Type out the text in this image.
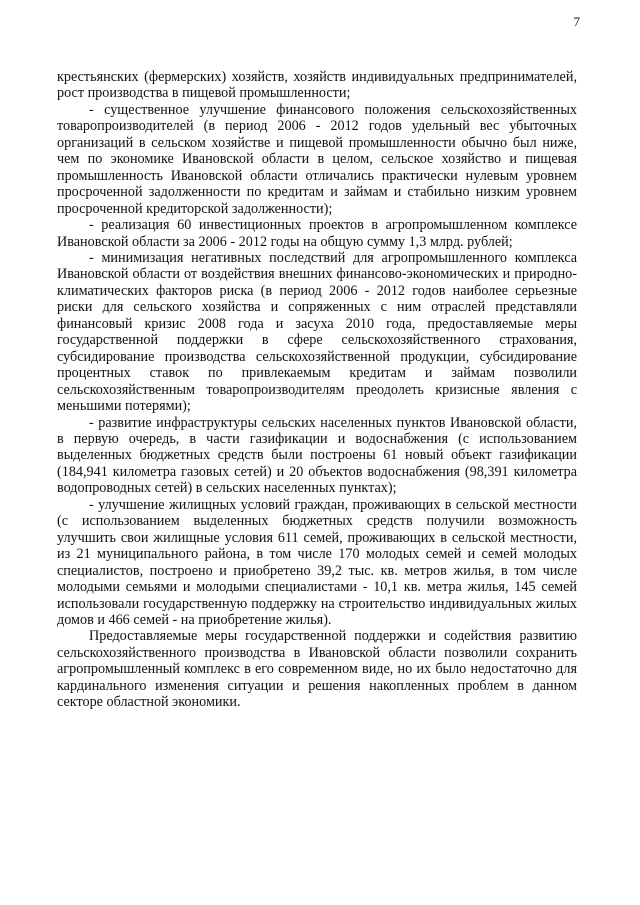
7

крестьянских (фермерских) хозяйств, хозяйств индивидуальных предпринимателей, рост производства в пищевой промышленности;

- существенное улучшение финансового положения сельскохозяйственных товаропроизводителей (в период 2006 - 2012 годов удельный вес убыточных организаций в сельском хозяйстве и пищевой промышленности обычно был ниже, чем по экономике Ивановской области в целом, сельское хозяйство и пищевая промышленность Ивановской области отличались практически нулевым уровнем просроченной задолженности по кредитам и займам и стабильно низким уровнем просроченной кредиторской задолженности);

- реализация 60 инвестиционных проектов в агропромышленном комплексе Ивановской области за 2006 - 2012 годы на общую сумму 1,3 млрд. рублей;

- минимизация негативных последствий для агропромышленного комплекса Ивановской области от воздействия внешних финансово-экономических и природно-климатических факторов риска (в период 2006 - 2012 годов наиболее серьезные риски для сельского хозяйства и сопряженных с ним отраслей представляли финансовый кризис 2008 года и засуха 2010 года, предоставляемые меры государственной поддержки в сфере сельскохозяйственного страхования, субсидирование производства сельскохозяйственной продукции, субсидирование процентных ставок по привлекаемым кредитам и займам позволили сельскохозяйственным товаропроизводителям преодолеть кризисные явления с меньшими потерями);

- развитие инфраструктуры сельских населенных пунктов Ивановской области, в первую очередь, в части газификации и водоснабжения (с использованием выделенных бюджетных средств были построены 61 новый объект газификации (184,941 километра газовых сетей) и 20 объектов водоснабжения (98,391 километра водопроводных сетей) в сельских населенных пунктах);

- улучшение жилищных условий граждан, проживающих в сельской местности (с использованием выделенных бюджетных средств получили возможность улучшить свои жилищные условия 611 семей, проживающих в сельской местности, из 21 муниципального района, в том числе 170 молодых семей и семей молодых специалистов, построено и приобретено 39,2 тыс. кв. метров жилья, в том числе молодыми семьями и молодыми специалистами - 10,1 кв. метра жилья, 145 семей использовали государственную поддержку на строительство индивидуальных жилых домов и 466 семей - на приобретение жилья).

Предоставляемые меры государственной поддержки и содействия развитию сельскохозяйственного производства в Ивановской области позволили сохранить агропромышленный комплекс в его современном виде, но их было недостаточно для кардинального изменения ситуации и решения накопленных проблем в данном секторе областной экономики.
